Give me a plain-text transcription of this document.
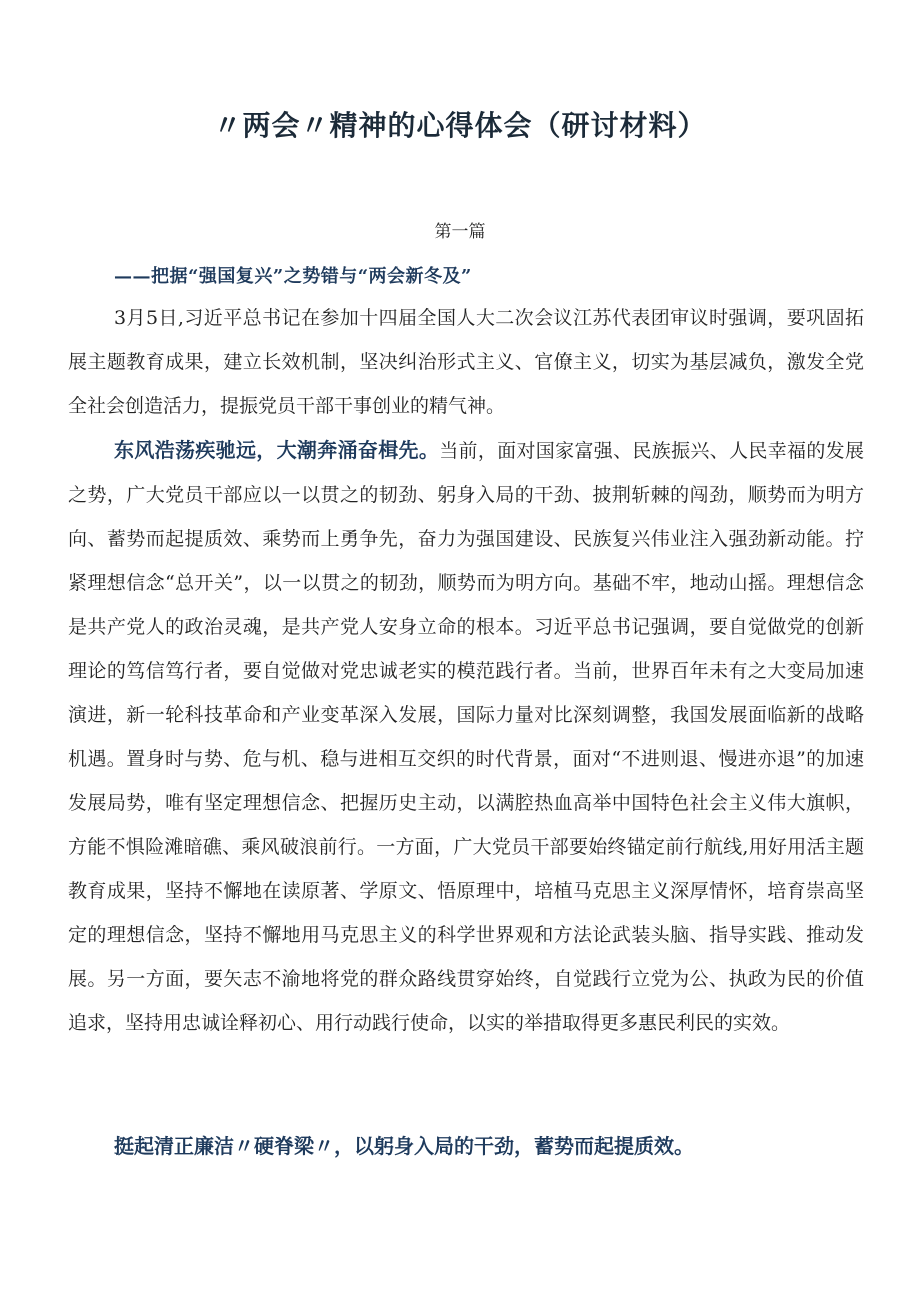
〃两会〃精神的心得体会（研讨材料）
第一篇
——把据“强国复兴”之势错与“两会新冬及”
3月5日,习近平总书记在参加十四届全国人大二次会议江苏代表团审议时强调，要巩固拓展主题教育成果，建立长效机制，坚决纠治形式主义、官僚主义，切实为基层减负，激发全党全社会创造活力，提振党员干部干事创业的精气神。
东风浩荡疾驰远，大潮奔涌奋楫先。当前，面对国家富强、民族振兴、人民幸福的发展之势，广大党员干部应以一以贯之的韧劲、躬身入局的干劲、披荆斩棘的闯劲，顺势而为明方向、蓄势而起提质效、乘势而上勇争先，奋力为强国建设、民族复兴伟业注入强劲新动能。拧紧理想信念“总开关”，以一以贯之的韧劲，顺势而为明方向。基础不牢，地动山摇。理想信念是共产党人的政治灵魂，是共产党人安身立命的根本。习近平总书记强调，要自觉做党的创新理论的笃信笃行者，要自觉做对党忠诚老实的模范践行者。当前，世界百年未有之大变局加速演进，新一轮科技革命和产业变革深入发展，国际力量对比深刻调整，我国发展面临新的战略机遇。置身时与势、危与机、稳与进相互交织的时代背景，面对“不进则退、慢进亦退”的加速发展局势，唯有坚定理想信念、把握历史主动，以满腔热血高举中国特色社会主义伟大旗帜，方能不惧险滩暗礁、乘风破浪前行。一方面，广大党员干部要始终锚定前行航线,用好用活主题教育成果，坚持不懈地在读原著、学原文、悟原理中，培植马克思主义深厚情怀，培育崇高坚定的理想信念，坚持不懈地用马克思主义的科学世界观和方法论武装头脑、指导实践、推动发展。另一方面，要矢志不渝地将党的群众路线贯穿始终，自觉践行立党为公、执政为民的价值追求，坚持用忠诚诠释初心、用行动践行使命，以实的举措取得更多惠民利民的实效。
挺起清正廉洁〃硬脊梁〃，以躬身入局的干劲，蓄势而起提质效。
